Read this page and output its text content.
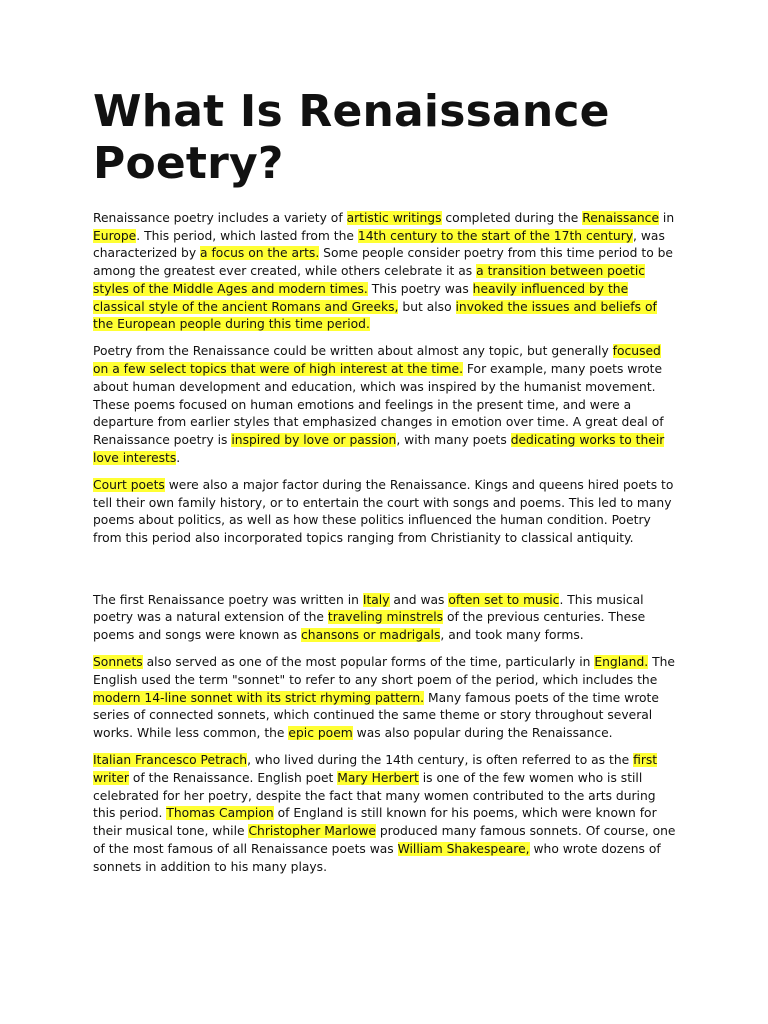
What Is Renaissance Poetry?

Renaissance poetry includes a variety of artistic writings completed during the Renaissance in Europe. This period, which lasted from the 14th century to the start of the 17th century, was characterized by a focus on the arts. Some people consider poetry from this time period to be among the greatest ever created, while others celebrate it as a transition between poetic styles of the Middle Ages and modern times. This poetry was heavily influenced by the classical style of the ancient Romans and Greeks, but also invoked the issues and beliefs of the European people during this time period.

Poetry from the Renaissance could be written about almost any topic, but generally focused on a few select topics that were of high interest at the time. For example, many poets wrote about human development and education, which was inspired by the humanist movement. These poems focused on human emotions and feelings in the present time, and were a departure from earlier styles that emphasized changes in emotion over time. A great deal of Renaissance poetry is inspired by love or passion, with many poets dedicating works to their love interests.

Court poets were also a major factor during the Renaissance. Kings and queens hired poets to tell their own family history, or to entertain the court with songs and poems. This led to many poems about politics, as well as how these politics influenced the human condition. Poetry from this period also incorporated topics ranging from Christianity to classical antiquity.

The first Renaissance poetry was written in Italy and was often set to music. This musical poetry was a natural extension of the traveling minstrels of the previous centuries. These poems and songs were known as chansons or madrigals, and took many forms.

Sonnets also served as one of the most popular forms of the time, particularly in England. The English used the term "sonnet" to refer to any short poem of the period, which includes the modern 14-line sonnet with its strict rhyming pattern. Many famous poets of the time wrote series of connected sonnets, which continued the same theme or story throughout several works. While less common, the epic poem was also popular during the Renaissance.

Italian Francesco Petrach, who lived during the 14th century, is often referred to as the first writer of the Renaissance. English poet Mary Herbert is one of the few women who is still celebrated for her poetry, despite the fact that many women contributed to the arts during this period. Thomas Campion of England is still known for his poems, which were known for their musical tone, while Christopher Marlowe produced many famous sonnets. Of course, one of the most famous of all Renaissance poets was William Shakespeare, who wrote dozens of sonnets in addition to his many plays.
